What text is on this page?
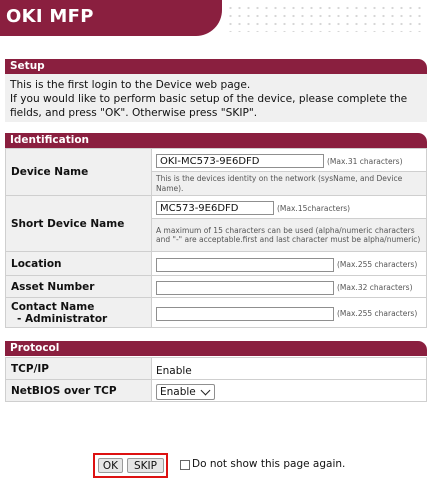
OKI MFP
Setup
This is the first login to the Device web page.
If you would like to perform basic setup of the device, please complete the fields, and press "OK". Otherwise press "SKIP".
Identification
Device Name	OKI-MC573-9E6DFD (Max.31 characters)

	This is the devices identity on the network (sysName, and Device Name).

Short Device Name	MC573-9E6DFD (Max.15characters)

	A maximum of 15 characters can be used (alpha/numeric characters and "-" are acceptable.first and last character must be alpha/numeric)

Location	(Max.255 characters)
Asset Number	(Max.32 characters)

Contact Name
- Administrator	(Max.255 characters)
Protocol
TCP/IP	Enable
NetBIOS over TCP	Enable
OK	SKIP	Do not show this page again.
